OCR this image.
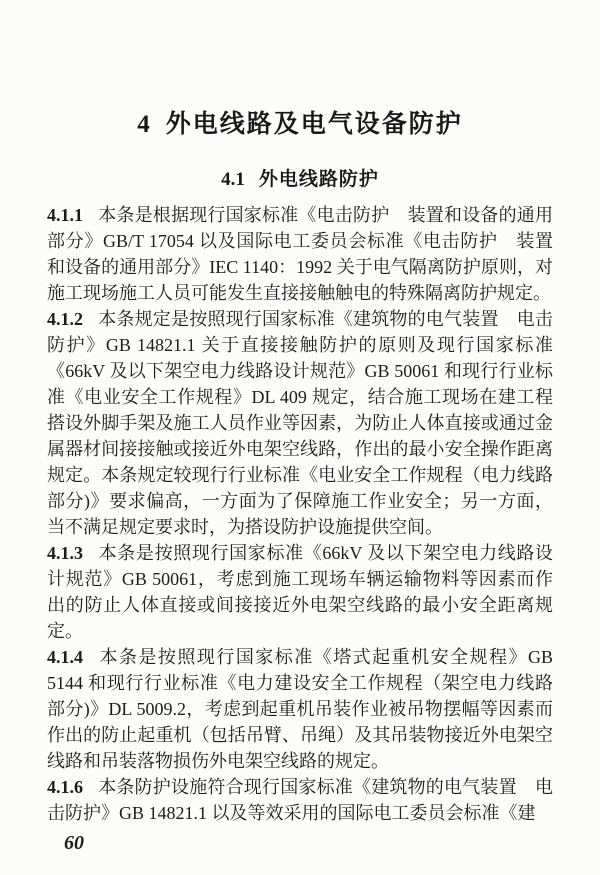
4 外电线路及电气设备防护
4.1 外电线路防护
4.1.1 本条是根据现行国家标准《电击防护　装置和设备的通用部分》GB/T 17054 以及国际电工委员会标准《电击防护　装置和设备的通用部分》IEC 1140：1992 关于电气隔离防护原则，对施工现场施工人员可能发生直接接触触电的特殊隔离防护规定。
4.1.2 本条规定是按照现行国家标准《建筑物的电气装置　电击防护》GB 14821.1 关于直接接触防护的原则及现行国家标准《66kV 及以下架空电力线路设计规范》GB 50061 和现行行业标准《电业安全工作规程》DL 409 规定，结合施工现场在建工程搭设外脚手架及施工人员作业等因素，为防止人体直接或通过金属器材间接接触或接近外电架空线路，作出的最小安全操作距离规定。本条规定较现行行业标准《电业安全工作规程（电力线路部分)》要求偏高，一方面为了保障施工作业安全；另一方面，当不满足规定要求时，为搭设防护设施提供空间。
4.1.3 本条是按照现行国家标准《66kV 及以下架空电力线路设计规范》GB 50061，考虑到施工现场车辆运输物料等因素而作出的防止人体直接或间接接近外电架空线路的最小安全距离规定。
4.1.4 本条是按照现行国家标准《塔式起重机安全规程》GB 5144 和现行行业标准《电力建设安全工作规程（架空电力线路部分)》DL 5009.2，考虑到起重机吊装作业被吊物摆幅等因素而作出的防止起重机（包括吊臂、吊绳）及其吊装物接近外电架空线路和吊装落物损伤外电架空线路的规定。
4.1.6 本条防护设施符合现行国家标准《建筑物的电气装置　电击防护》GB 14821.1 以及等效采用的国际电工委员会标准《建
60
